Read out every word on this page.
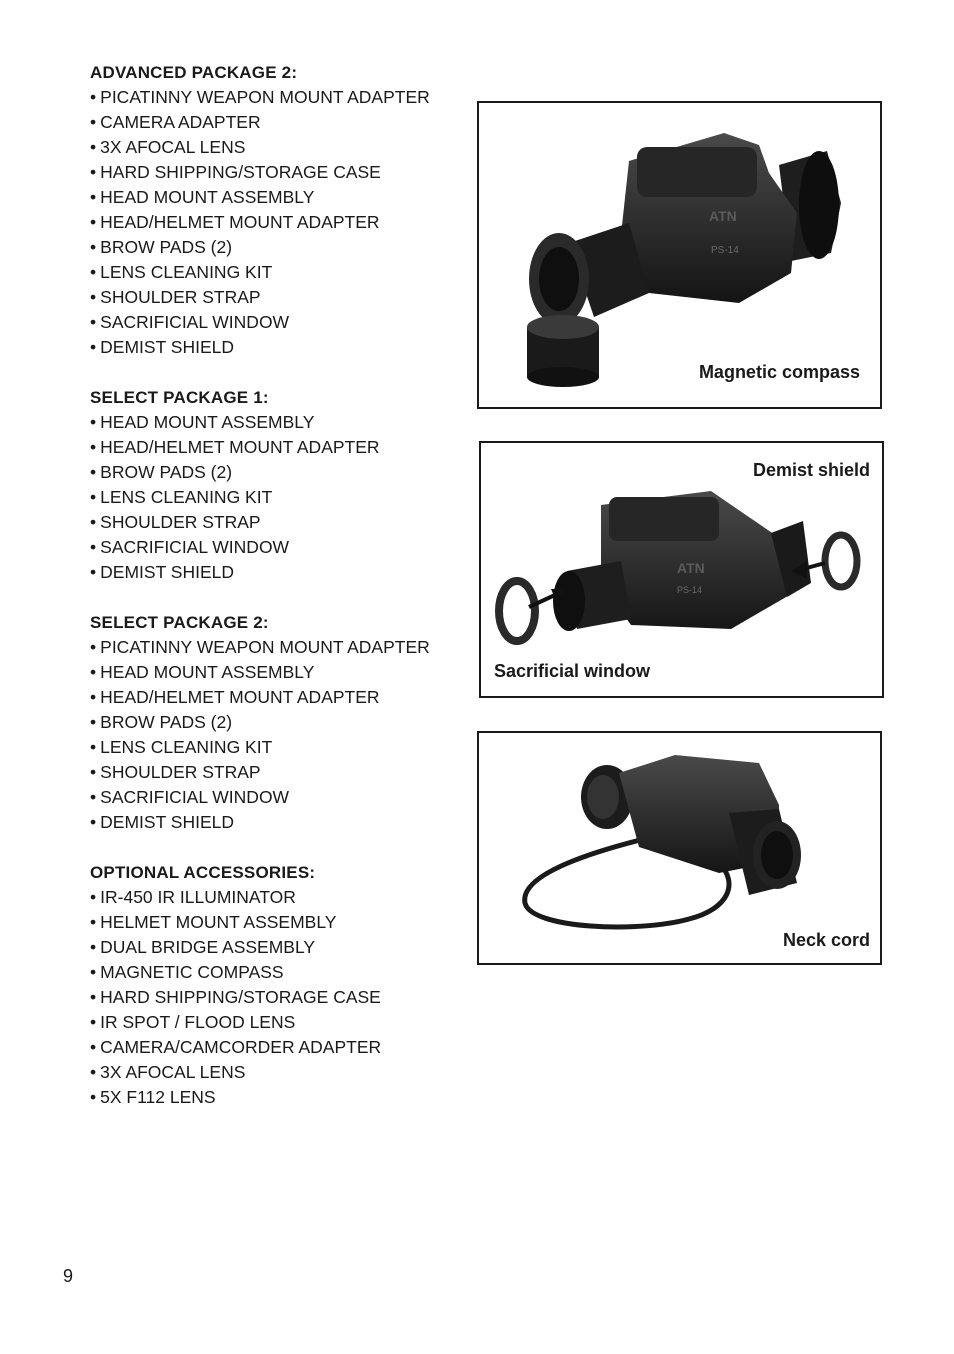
ADVANCED PACKAGE 2:
• PICATINNY WEAPON MOUNT ADAPTER
• CAMERA ADAPTER
• 3X AFOCAL LENS
• HARD SHIPPING/STORAGE CASE
• HEAD MOUNT ASSEMBLY
• HEAD/HELMET MOUNT ADAPTER
• BROW PADS (2)
• LENS CLEANING KIT
• SHOULDER STRAP
• SACRIFICIAL WINDOW
• DEMIST SHIELD
SELECT PACKAGE 1:
• HEAD MOUNT ASSEMBLY
• HEAD/HELMET MOUNT ADAPTER
• BROW PADS (2)
• LENS CLEANING KIT
• SHOULDER STRAP
• SACRIFICIAL WINDOW
• DEMIST SHIELD
SELECT PACKAGE 2:
• PICATINNY WEAPON MOUNT ADAPTER
• HEAD MOUNT ASSEMBLY
• HEAD/HELMET MOUNT ADAPTER
• BROW PADS (2)
• LENS CLEANING KIT
• SHOULDER STRAP
• SACRIFICIAL WINDOW
• DEMIST SHIELD
OPTIONAL ACCESSORIES:
• IR-450 IR ILLUMINATOR
• HELMET MOUNT ASSEMBLY
• DUAL BRIDGE ASSEMBLY
• MAGNETIC COMPASS
• HARD SHIPPING/STORAGE CASE
• IR SPOT / FLOOD LENS
• CAMERA/CAMCORDER ADAPTER
• 3X AFOCAL LENS
• 5X F112 LENS
ATN
PS-14
Magnetic compass
ATN
PS-14
Demist shield
Sacrificial window
Neck cord
9
